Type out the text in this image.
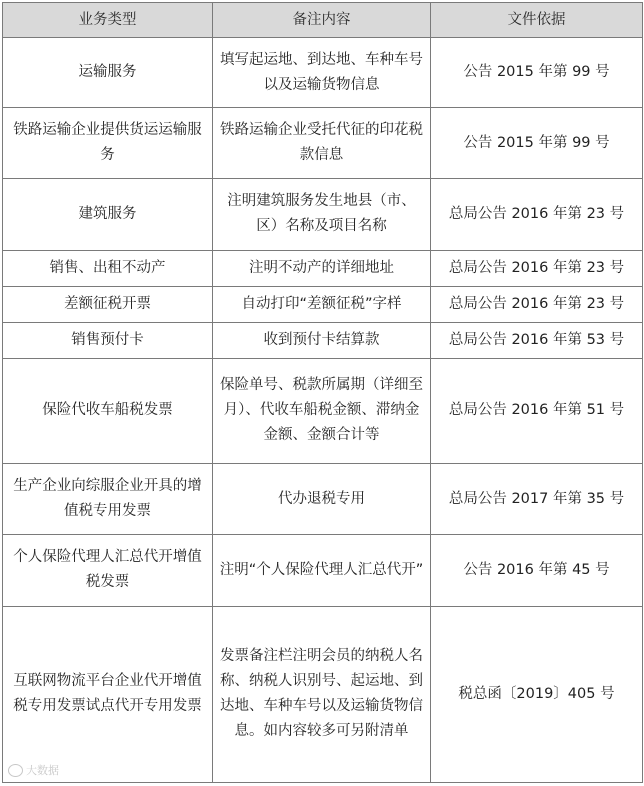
业务类型	备注内容	文件依据
运输服务	填写起运地、到达地、车种车号以及运输货物信息	公告 2015 年第 99 号
铁路运输企业提供货运运输服务	铁路运输企业受托代征的印花税款信息	公告 2015 年第 99 号
建筑服务	注明建筑服务发生地县（市、区）名称及项目名称	总局公告 2016 年第 23 号
销售、出租不动产	注明不动产的详细地址	总局公告 2016 年第 23 号
差额征税开票	自动打印“差额征税”字样	总局公告 2016 年第 23 号
销售预付卡	收到预付卡结算款	总局公告 2016 年第 53 号
保险代收车船税发票	保险单号、税款所属期（详细至月）、代收车船税金额、滞纳金金额、金额合计等	总局公告 2016 年第 51 号
生产企业向综服企业开具的增值税专用发票	代办退税专用	总局公告 2017 年第 35 号
个人保险代理人汇总代开增值税发票	注明“个人保险代理人汇总代开”	公告 2016 年第 45 号
互联网物流平台企业代开增值税专用发票试点代开专用发票	发票备注栏注明会员的纳税人名称、纳税人识别号、起运地、到达地、车种车号以及运输货物信息。如内容较多可另附清单	税总函〔2019〕405 号
大数据
